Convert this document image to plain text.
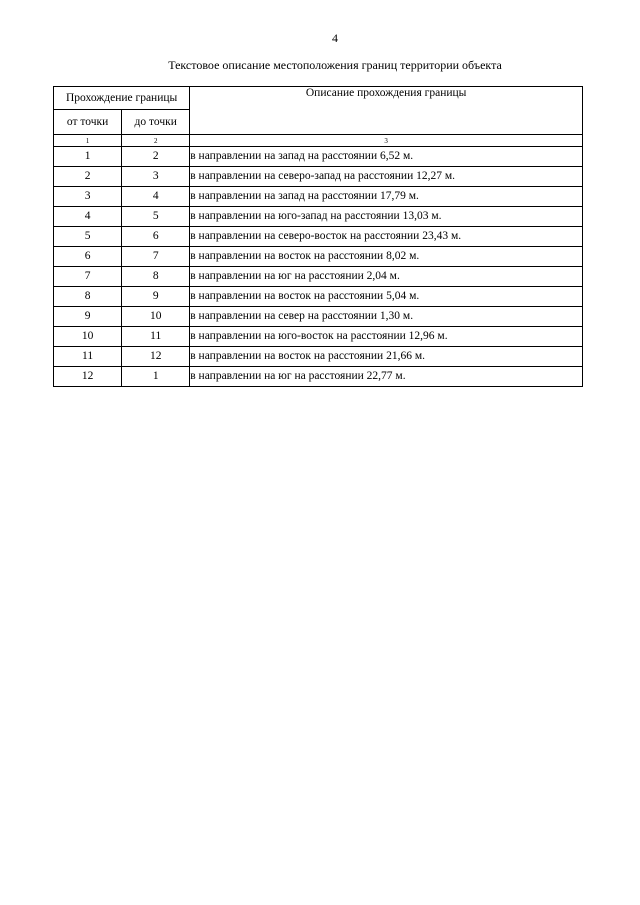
4
Текстовое описание местоположения границ территории объекта
Прохождение границы		Описание прохождения границы
от точки	до точки	
1	2	3
1	2	в направлении на запад на расстоянии 6,52 м.
2	3	в направлении на северо-запад на расстоянии 12,27 м.
3	4	в направлении на запад на расстоянии 17,79 м.
4	5	в направлении на юго-запад на расстоянии 13,03 м.
5	6	в направлении на северо-восток на расстоянии 23,43 м.
6	7	в направлении на восток на расстоянии 8,02 м.
7	8	в направлении на юг на расстоянии 2,04 м.
8	9	в направлении на восток на расстоянии 5,04 м.
9	10	в направлении на север на расстоянии 1,30 м.
10	11	в направлении на юго-восток на расстоянии 12,96 м.
11	12	в направлении на восток на расстоянии 21,66 м.
12	1	в направлении на юг на расстоянии 22,77 м.
